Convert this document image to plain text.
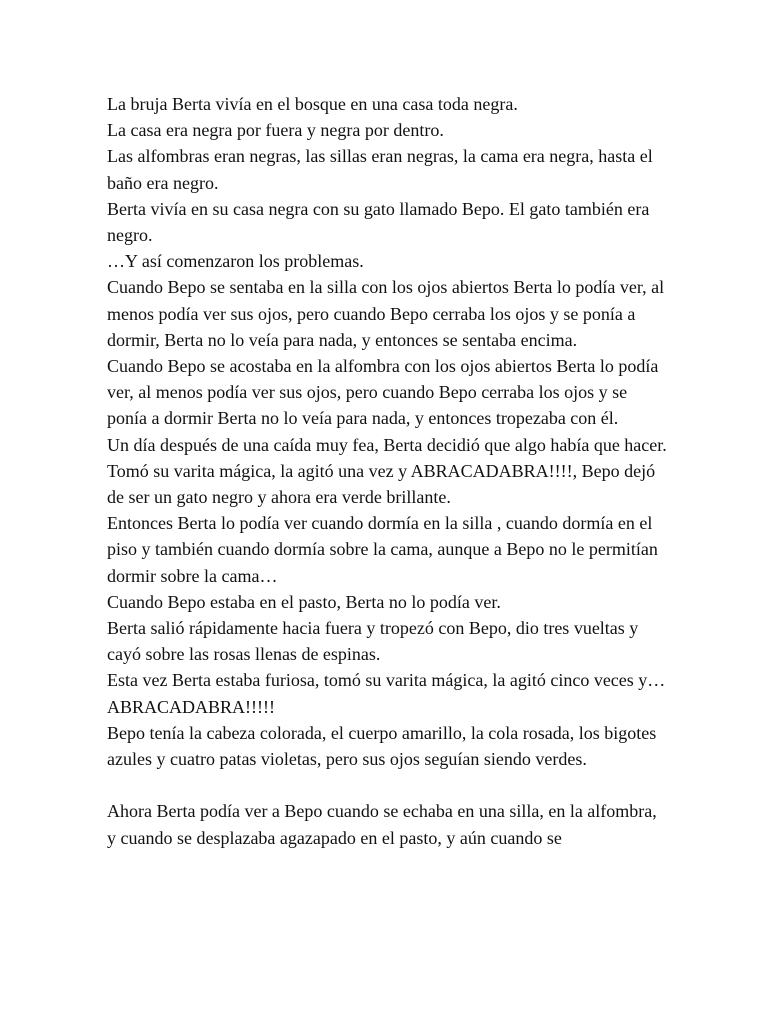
La bruja Berta vivía en el bosque en una casa toda negra.

La casa era negra por fuera y negra por dentro.

Las alfombras eran negras, las sillas eran negras, la cama era negra, hasta el baño era negro.

Berta vivía en su casa negra con su gato llamado Bepo. El gato también era negro.

…Y así comenzaron los problemas.

Cuando Bepo se sentaba en la silla con los ojos abiertos Berta lo podía ver, al menos podía ver sus ojos, pero cuando Bepo cerraba los ojos y se ponía a dormir, Berta no lo veía para nada, y entonces se sentaba encima.

Cuando Bepo se acostaba en la alfombra con los ojos abiertos Berta lo podía ver, al menos podía ver sus ojos, pero cuando Bepo cerraba los ojos y se ponía a dormir Berta no lo veía para nada, y entonces tropezaba con él.

Un día después de una caída muy fea, Berta decidió que algo había que hacer.

Tomó su varita mágica, la agitó una vez y ABRACADABRA!!!!, Bepo dejó de ser un gato negro y ahora era verde brillante.

Entonces Berta lo podía ver cuando dormía en la silla , cuando dormía en el piso y también cuando dormía sobre la cama, aunque a Bepo no le permitían dormir sobre la cama…

Cuando Bepo estaba en el pasto, Berta no lo podía ver.

Berta salió rápidamente hacia fuera y tropezó con Bepo, dio tres vueltas y cayó sobre las rosas llenas de espinas.

Esta vez Berta estaba furiosa, tomó su varita mágica, la agitó cinco veces y… ABRACADABRA!!!!!

Bepo tenía la cabeza colorada, el cuerpo amarillo, la cola rosada, los bigotes azules y cuatro patas violetas, pero sus ojos seguían siendo verdes.

Ahora Berta podía ver a Bepo cuando se echaba en una silla, en la alfombra, y cuando se desplazaba agazapado en el pasto, y aún cuando se
